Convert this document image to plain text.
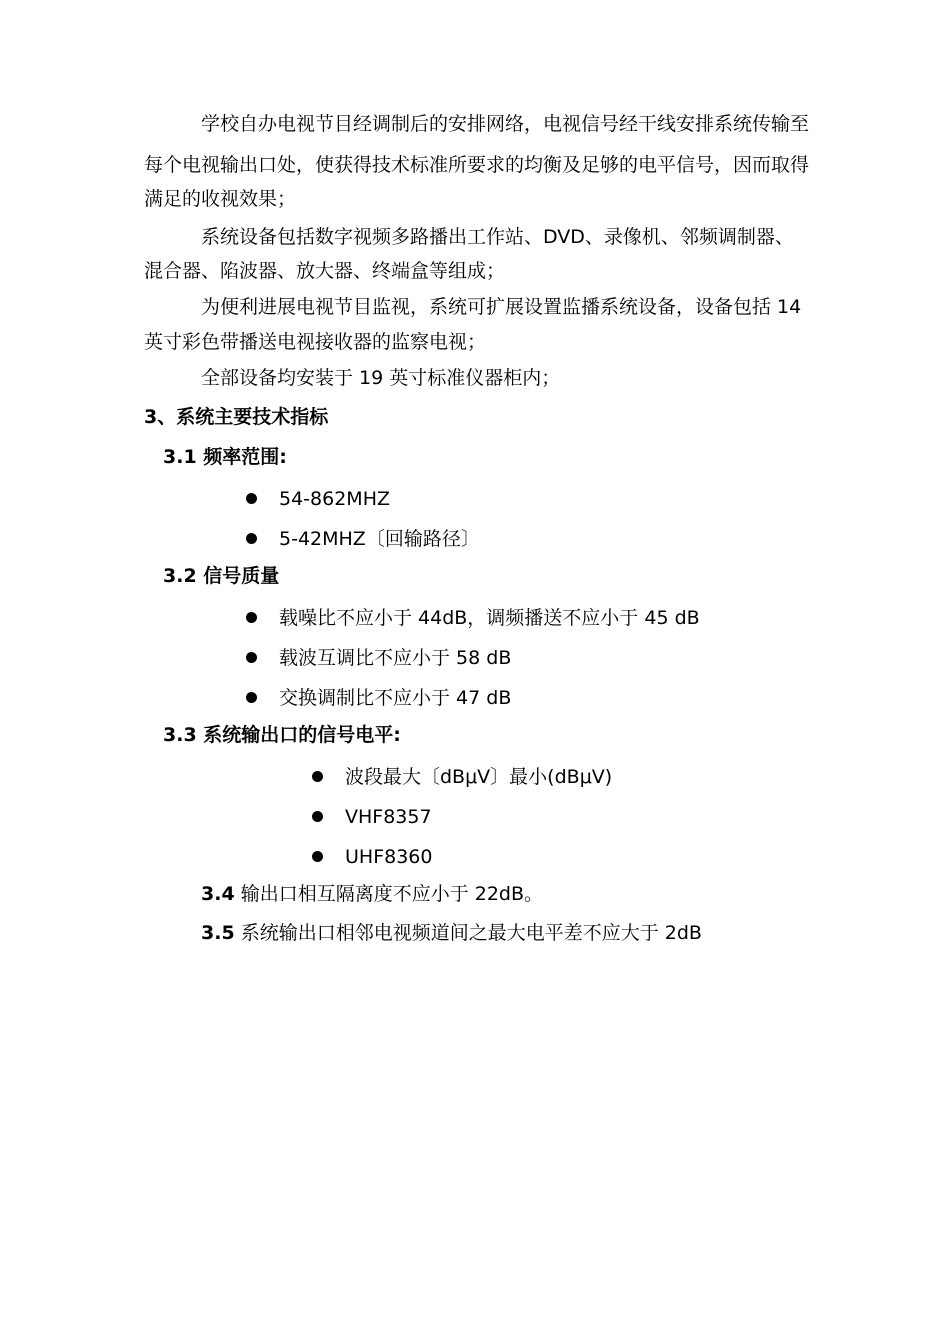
学校自办电视节目经调制后的安排网络，电视信号经干线安排系统传输至
每个电视输出口处，使获得技术标准所要求的均衡及足够的电平信号，因而取得
满足的收视效果；
系统设备包括数字视频多路播出工作站、DVD、录像机、邻频调制器、
混合器、陷波器、放大器、终端盒等组成；
为便利进展电视节目监视，系统可扩展设置监播系统设备，设备包括 14
英寸彩色带播送电视接收器的监察电视；
全部设备均安装于 19 英寸标准仪器柜内；
3、系统主要技术指标
3.1 频率范围:
54-862MHZ
5-42MHZ〔回输路径〕
3.2 信号质量
载噪比不应小于 44dB，调频播送不应小于 45 dB
载波互调比不应小于 58 dB
交换调制比不应小于 47 dB
3.3 系统输出口的信号电平:
波段最大〔dBμV〕最小(dBμV)
VHF8357
UHF8360
3.4 输出口相互隔离度不应小于 22dB。
3.5 系统输出口相邻电视频道间之最大电平差不应大于 2dB
